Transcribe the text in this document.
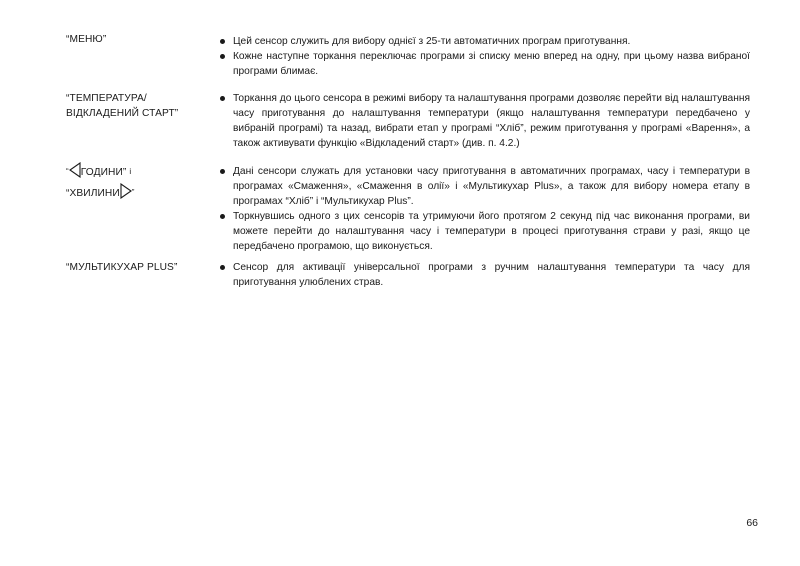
“МЕНЮ”	Цей сенсор служить для вибору однієї з 25-ти автоматичних програм приготування.
Кожне наступне торкання переключає програми зі списку меню вперед на одну, при цьому назва вибраної програми блимає.
“ТЕМПЕРАТУРА/
ВІДКЛАДЕНИЙ СТАРТ”
Торкання до цього сенсора в режимі вибору та налаштування програми дозволяє перейти від налаштування часу приготування до налаштування температури (якщо налаштування температури передбачено у вибраній програмі) та назад, вибрати етап у програмі “Хліб”, режим приготування у програмі «Варення», а також активувати функцію «Відкладений старт» (див. п. 4.2.)
“ ГОДИНИ” і
“ХВИЛИНИ ”
Дані сенсори служать для установки часу приготування в автоматичних програмах, часу і температури в програмах «Смаження», «Смаження в олії» і «Мультикухар Plus», а також для вибору номера етапу в програмах “Хліб” і “Мультикухар Plus”.
Торкнувшись одного з цих сенсорів та утримуючи його протягом 2 секунд під час виконання програми, ви можете перейти до налаштування часу і температури в процесі приготування страви у разі, якщо це передбачено програмою, що виконується.
“МУЛЬТИКУХАР PLUS”	Сенсор для активації універсальної програми з ручним налаштування температури та часу для приготування улюблених страв.
66
